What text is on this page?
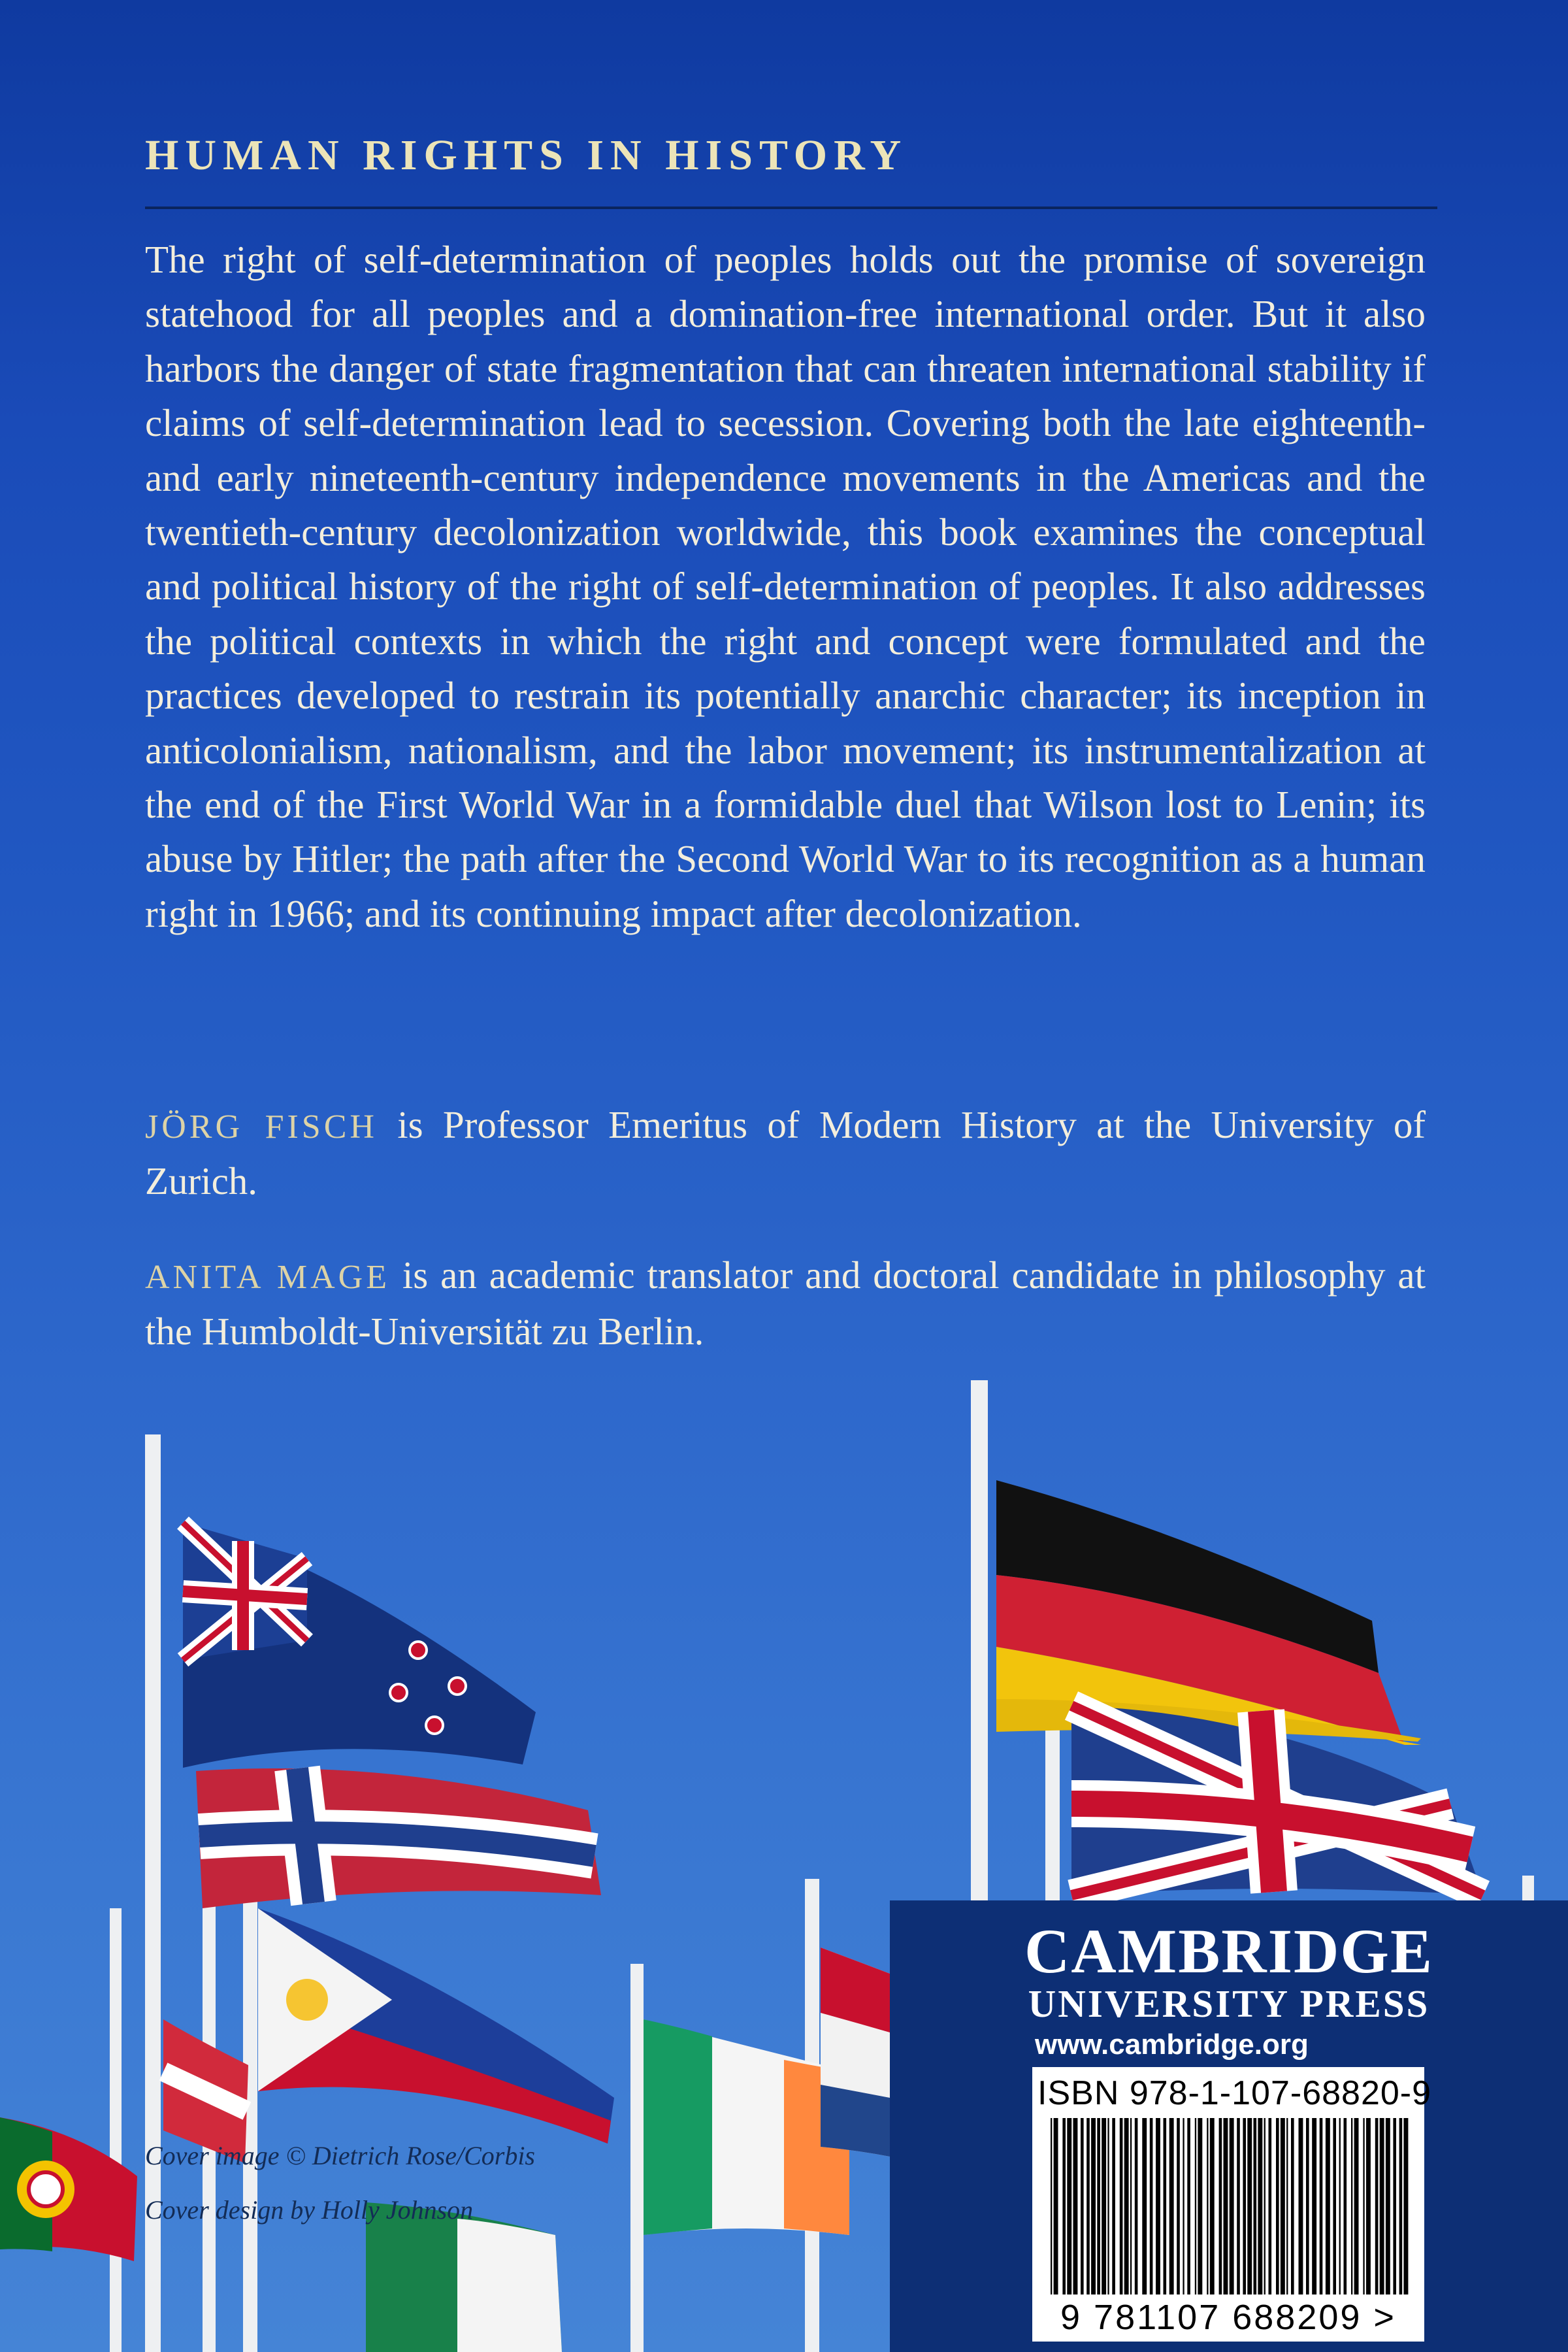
HUMAN RIGHTS IN HISTORY

The right of self-determination of peoples holds out the promise of sovereign statehood for all peoples and a domination-free international order. But it also harbors the danger of state fragmentation that can threaten international stability if claims of self-determination lead to secession. Covering both the late eighteenth- and early nineteenth-century independence movements in the Americas and the twentieth-century decolonization worldwide, this book examines the conceptual and political history of the right of self-determination of peoples. It also addresses the political contexts in which the right and concept were formulated and the practices developed to restrain its potentially anarchic character; its inception in anticolonialism, nationalism, and the labor movement; its instrumentalization at the end of the First World War in a formidable duel that Wilson lost to Lenin; its abuse by Hitler; the path after the Second World War to its recognition as a human right in 1966; and its continuing impact after decolonization.

JÖRG FISCH is Professor Emeritus of Modern History at the University of Zurich.

ANITA MAGE is an academic translator and doctoral candidate in philosophy at the Humboldt-Universität zu Berlin.

Cover image © Dietrich Rose/Corbis
Cover design by Holly Johnson
CAMBRIDGE
UNIVERSITY PRESS
www.cambridge.org
ISBN 978-1-107-68820-9
9 781107 688209 >
